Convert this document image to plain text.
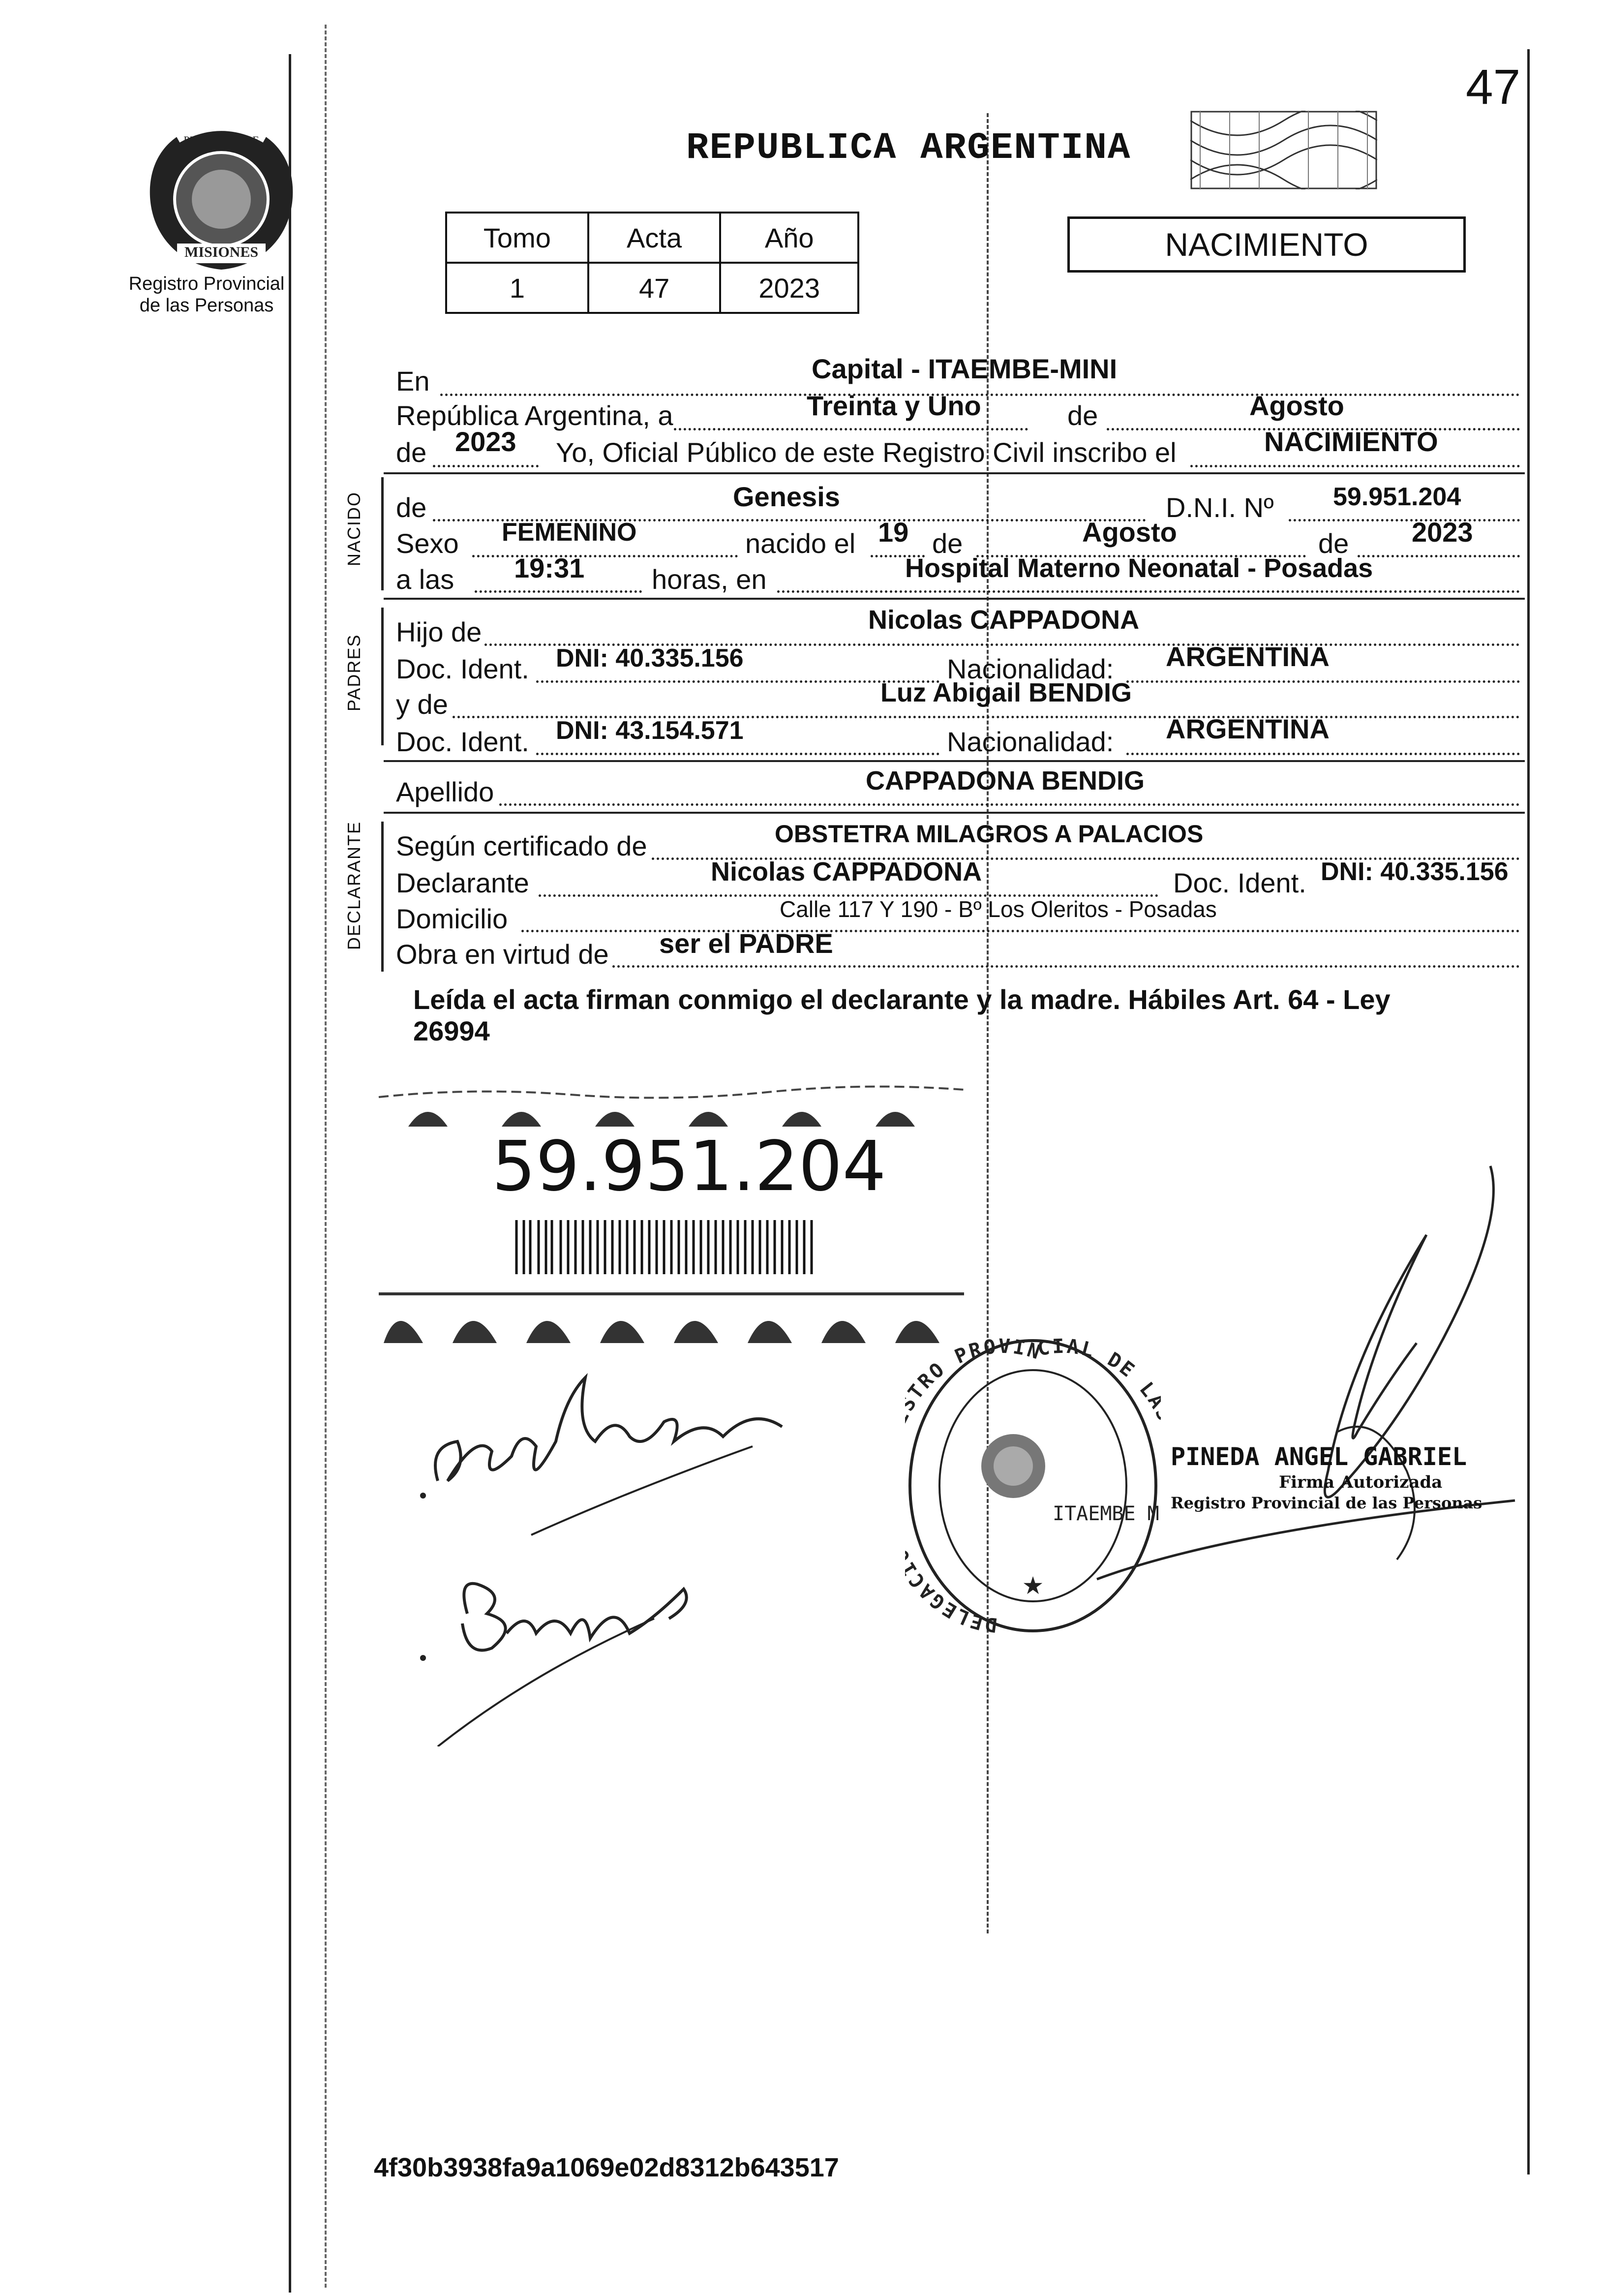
47
MISIONES
PROVINCIA DE
Registro Provincial
de las Personas
REPUBLICA ARGENTINA
Tomo	Acta	Año
1	47	2023
NACIMIENTO
En	Capital - ITAEMBE-MINI
República Argentina, a	Treinta y Uno	de	Agosto
de 2023 Yo, Oficial Público de este Registro Civil inscribo el	NACIMIENTO
NACIDO de	Genesis	D.N.I. Nº 59.951.204
Sexo FEMENINO	nacido el 19 de	Agosto	de 2023
a las 19:31 horas, en	Hospital Materno Neonatal - Posadas
PADRES
Hijo de	Nicolas CAPPADONA
Doc. Ident. DNI: 40.335.156	Nacionalidad: ARGENTINA
y de	Luz Abigail BENDIG
Doc. Ident. DNI: 43.154.571	Nacionalidad: ARGENTINA
Apellido	CAPPADONA BENDIG
DECLARANTE Según certificado de	OBSTETRA MILAGROS A PALACIOS
Declarante	Nicolas CAPPADONA	Doc. Ident. DNI: 40.335.156
Domicilio	Calle 117 Y 190 - Bº Los Oleritos - Posadas
Obra en virtud de ser el PADRE
Leída el acta firman conmigo el declarante y la madre. Hábiles Art. 64 - Ley
26994
59.951.204
DELEGAC TRO PROVINCIAL DE L
ITAEMBE M
★
PINEDA ANGEL GABRIEL
Firma Autorizada
Registro Provincial de las Personas
4f30b3938fa9a1069e02d8312b643517
